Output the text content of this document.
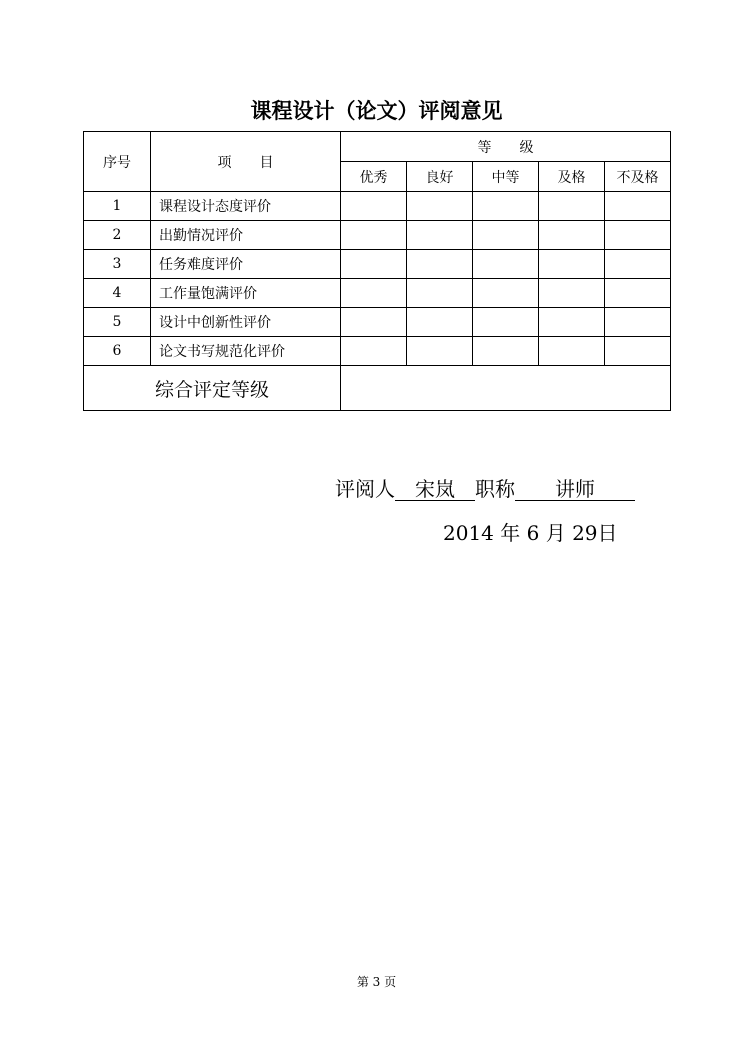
课程设计（论文）评阅意见
序号	项　　目	等　　级				
		优秀	良好	中等	及格	不及格
1	课程设计态度评价					
2	出勤情况评价					
3	任务难度评价					
4	工作量饱满评价					
5	设计中创新性评价					
6	论文书写规范化评价					
综合评定等级						
评阅人　 宋岚　 职称　　 讲师　　
2014 年 6 月 29日
第 3 页
